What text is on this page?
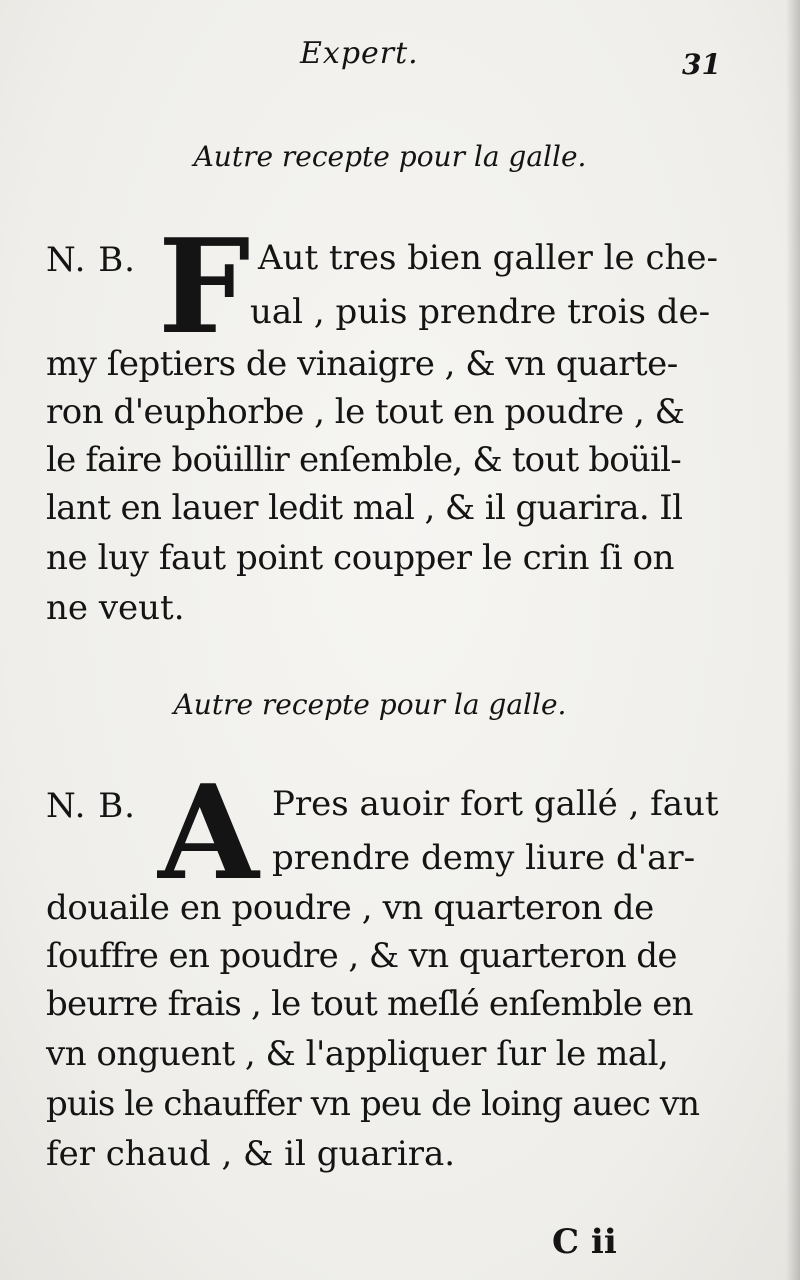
Expert.	31
Autre recepte pour la galle.
N. B. F Aut tres bien galler le che-
ual , puis prendre trois de-
my ſeptiers de vinaigre , & vn quarte-
ron d'euphorbe , le tout en poudre , &
le faire boüillir enſemble, & tout boüil-
lant en lauer ledit mal , & il guarira. Il
ne luy faut point coupper le crin ſi on
ne veut.
Autre recepte pour la galle.
N. B. A Pres auoir fort gallé , faut
prendre demy liure d'ar-
douaile en poudre , vn quarteron de
ſouffre en poudre , & vn quarteron de
beurre frais , le tout meſlé enſemble en
vn onguent , & l'appliquer ſur le mal,
puis le chauffer vn peu de loing auec vn
fer chaud , & il guarira.
C ii
